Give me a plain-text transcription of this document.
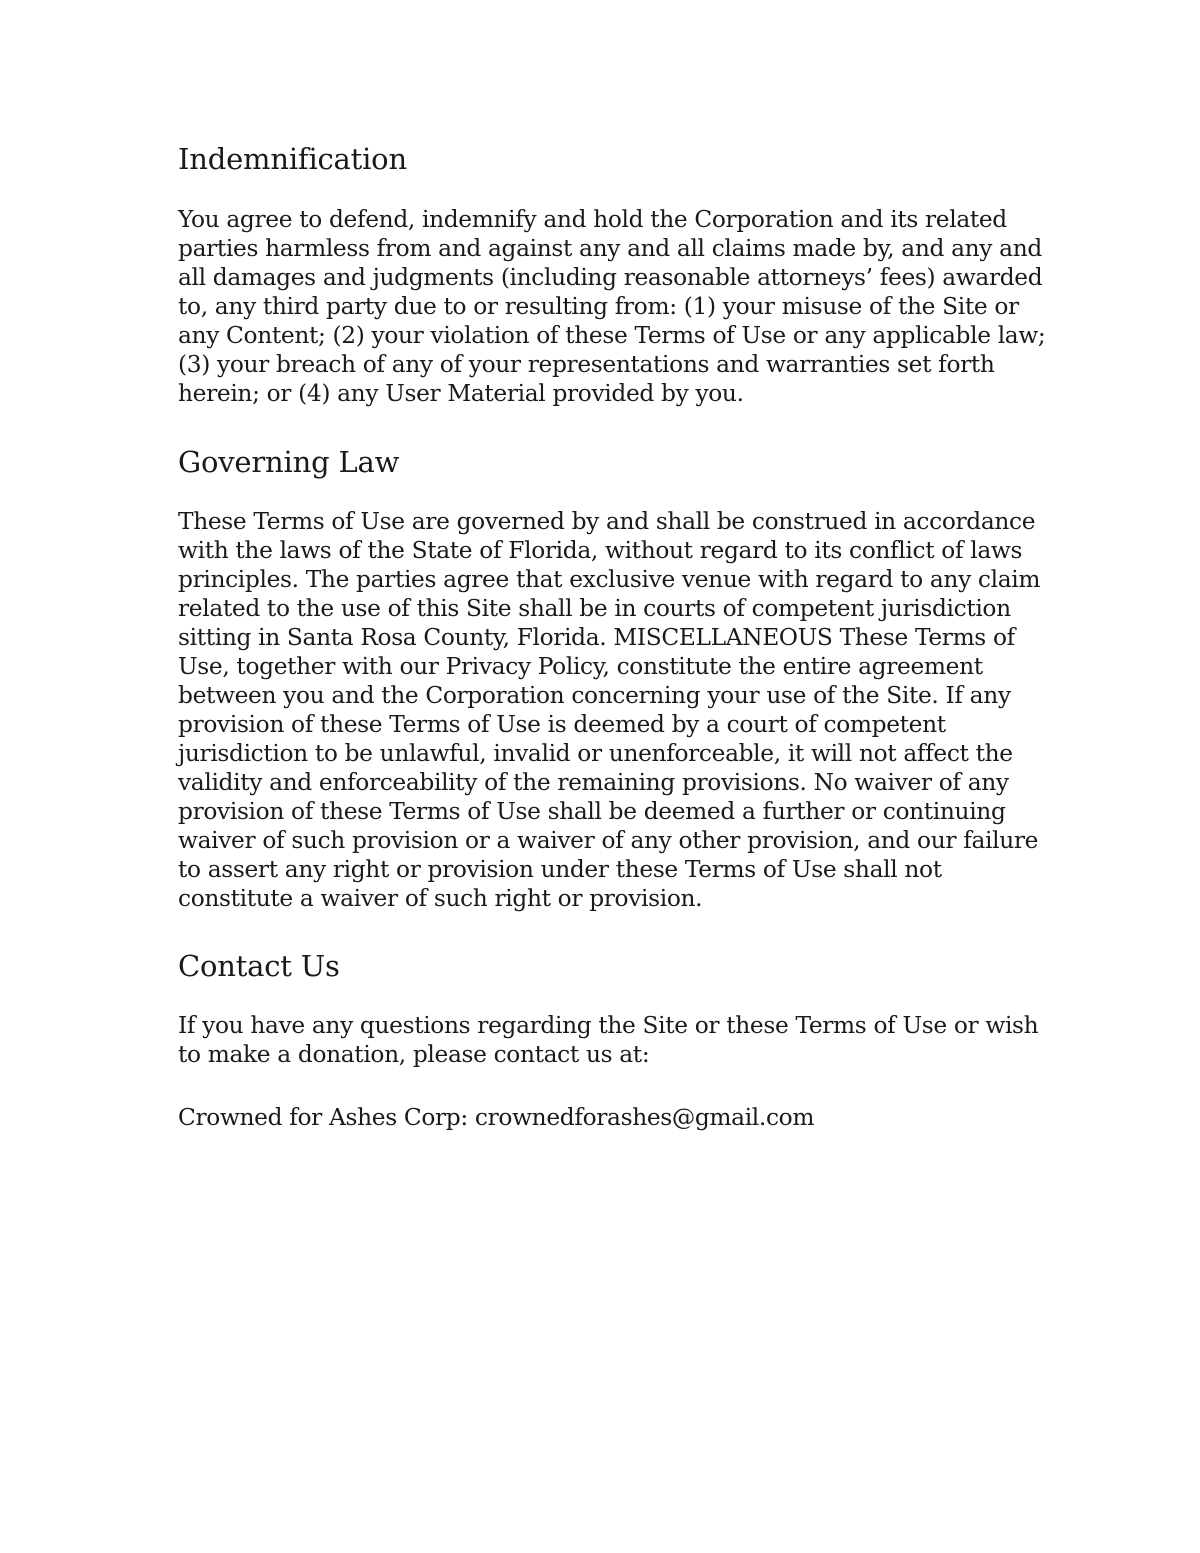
Indemnification
You agree to defend, indemnify and hold the Corporation and its related
parties harmless from and against any and all claims made by, and any and
all damages and judgments (including reasonable attorneys’ fees) awarded
to, any third party due to or resulting from: (1) your misuse of the Site or
any Content; (2) your violation of these Terms of Use or any applicable law;
(3) your breach of any of your representations and warranties set forth
herein; or (4) any User Material provided by you.
Governing Law
These Terms of Use are governed by and shall be construed in accordance
with the laws of the State of Florida, without regard to its conflict of laws
principles. The parties agree that exclusive venue with regard to any claim
related to the use of this Site shall be in courts of competent jurisdiction
sitting in Santa Rosa County, Florida. MISCELLANEOUS These Terms of
Use, together with our Privacy Policy, constitute the entire agreement
between you and the Corporation concerning your use of the Site. If any
provision of these Terms of Use is deemed by a court of competent
jurisdiction to be unlawful, invalid or unenforceable, it will not affect the
validity and enforceability of the remaining provisions. No waiver of any
provision of these Terms of Use shall be deemed a further or continuing
waiver of such provision or a waiver of any other provision, and our failure
to assert any right or provision under these Terms of Use shall not
constitute a waiver of such right or provision.
Contact Us
If you have any questions regarding the Site or these Terms of Use or wish
to make a donation, please contact us at:
Crowned for Ashes Corp: crownedforashes@gmail.com
